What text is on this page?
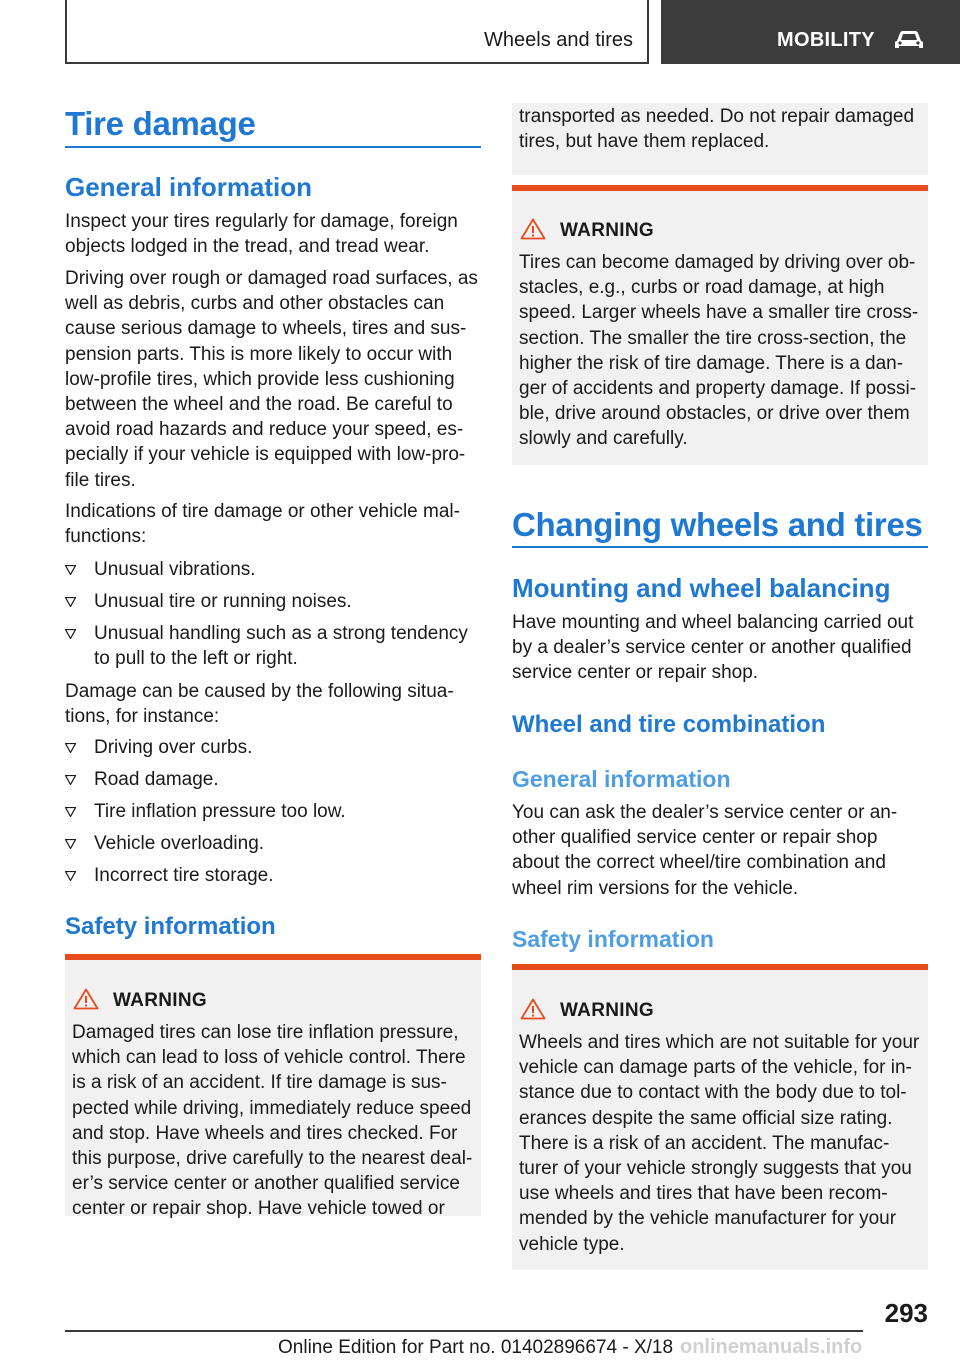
Wheels and tires	MOBILITY
Tire damage
General information
Inspect your tires regularly for damage, foreign
objects lodged in the tread, and tread wear.
Driving over rough or damaged road surfaces, as
well as debris, curbs and other obstacles can
cause serious damage to wheels, tires and sus-
pension parts. This is more likely to occur with
low-profile tires, which provide less cushioning
between the wheel and the road. Be careful to
avoid road hazards and reduce your speed, es-
pecially if your vehicle is equipped with low-pro-
file tires.
Indications of tire damage or other vehicle mal-
functions:
Unusual vibrations.
Unusual tire or running noises.
Unusual handling such as a strong tendency
to pull to the left or right.
Damage can be caused by the following situa-
tions, for instance:
Driving over curbs.
Road damage.
Tire inflation pressure too low.
Vehicle overloading.
Incorrect tire storage.
Safety information
WARNING
Damaged tires can lose tire inflation pressure,
which can lead to loss of vehicle control. There
is a risk of an accident. If tire damage is sus-
pected while driving, immediately reduce speed
and stop. Have wheels and tires checked. For
this purpose, drive carefully to the nearest deal-
er’s service center or another qualified service
center or repair shop. Have vehicle towed or
transported as needed. Do not repair damaged
tires, but have them replaced.
WARNING
Tires can become damaged by driving over ob-
stacles, e.g., curbs or road damage, at high
speed. Larger wheels have a smaller tire cross-
section. The smaller the tire cross-section, the
higher the risk of tire damage. There is a dan-
ger of accidents and property damage. If possi-
ble, drive around obstacles, or drive over them
slowly and carefully.
Changing wheels and tires
Mounting and wheel balancing
Have mounting and wheel balancing carried out
by a dealer’s service center or another qualified
service center or repair shop.
Wheel and tire combination
General information
You can ask the dealer’s service center or an-
other qualified service center or repair shop
about the correct wheel/tire combination and
wheel rim versions for the vehicle.
Safety information
WARNING
Wheels and tires which are not suitable for your
vehicle can damage parts of the vehicle, for in-
stance due to contact with the body due to tol-
erances despite the same official size rating.
There is a risk of an accident. The manufac-
turer of your vehicle strongly suggests that you
use wheels and tires that have been recom-
mended by the vehicle manufacturer for your
vehicle type.
293
Online Edition for Part no. 01402896674 - X/18 onlinemanuals.info
